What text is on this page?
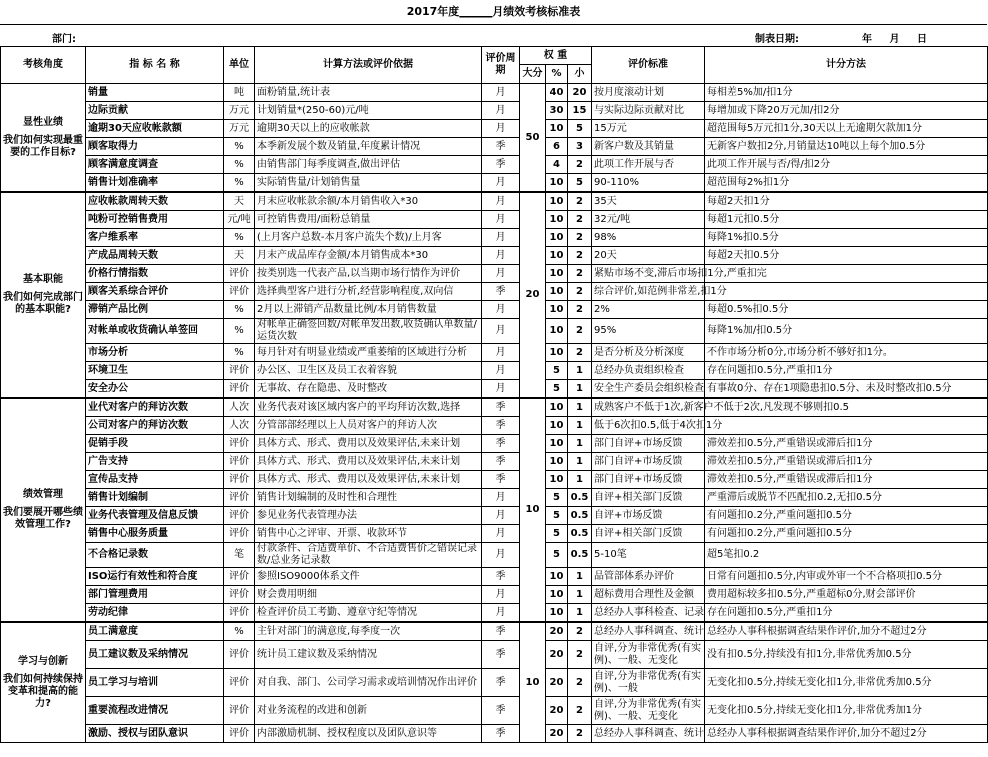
2017年度______月绩效考核标准表
部门:	制表日期:	年 月 日
考核角度	指 标 名 称	单位	计算方法或评价依据	评价周期	权 重			评价标准	计分方法
					大分	%	小		
显性业绩
我们如何实现最重要的工作目标?	销量	吨	面粉销量,统计表	月	50	40	20	按月度滚动计划	每相差5%加/扣1分
	边际贡献	万元	计划销量*(250-60)元/吨	月		30	15	与实际边际贡献对比	每增加或下降20万元加/扣2分
	逾期30天应收帐款额	万元	逾期30天以上的应收帐款	月		10	5	15万元	超范围每5万元扣1分,30天以上无逾期欠款加1分
	顾客取得力	%	本季新发展个数及销量,年度累计情况	季		6	3	新客户数及其销量	无新客户数扣2分,月销量达10吨以上每个加0.5分
	顾客满意度调查	%	由销售部门每季度调查,做出评估	季		4	2	此项工作开展与否	此项工作开展与否/得/扣2分
	销售计划准确率	%	实际销售量/计划销售量	月		10	5	90-110%	超范围每2%扣1分
基本职能
我们如何完成部门的基本职能?	应收帐款周转天数	天	月末应收帐款余额/本月销售收入*30	月	20	10	2	35天	每超2天扣1分
	吨粉可控销售费用	元/吨	可控销售费用/面粉总销量	月		10	2	32元/吨	每超1元扣0.5分
	客户维系率	%	(上月客户总数-本月客户流失个数)/上月客	月		10	2	98%	每降1%扣0.5分
	产成品周转天数	天	月末产成品库存金额/本月销售成本*30	月		10	2	20天	每超2天扣0.5分
	价格行情指数	评价	按类别选一代表产品,以当期市场行情作为评价	月		10	2	紧贴市场不变,滞后市场扣1分,严重扣完	
	顾客关系综合评价	评价	选择典型客户进行分析,经营影响程度,双向信	季		10	2	综合评价,如范例非常差,扣1分	
	滞销产品比例	%	2月以上滞销产品数量比例/本月销售数量	月		10	2	2%	每超0.5%扣0.5分
	对帐单或收货确认单签回	%	对帐单正确签回数/对帐单发出数,收货确认单数量/运货次数	月		10	2	95%	每降1%加/扣0.5分
	市场分析	%	每月针对有明显业绩或严重萎缩的区域进行分析	月		10	2	是否分析及分析深度	不作市场分析0分,市场分析不够好扣1分。
	环境卫生	评价	办公区、卫生区及员工衣着容貌	月		5	1	总经办负责组织检查	存在问题扣0.5分,严重扣1分
	安全办公	评价	无事故、存在隐患、及时整改	月		5	1	安全生产委员会组织检查	有事故0分、存在1项隐患扣0.5分、未及时整改扣0.5分
绩效管理
我们要展开哪些绩效管理工作?	业代对客户的拜访次数	人次	业务代表对该区域内客户的平均拜访次数,选择	季	10	10	1	成熟客户不低于1次,新客户不低于2次,凡发现不够则扣0.5	
	公司对客户的拜访次数	人次	分管部部经理以上人员对客户的拜访人次	季		10	1	低于6次扣0.5,低于4次扣1分	
	促销手段	评价	具体方式、形式、费用以及效果评估,未来计划	季		10	1	部门自评+市场反馈	滞效差扣0.5分,严重错误或滞后扣1分
	广告支持	评价	具体方式、形式、费用以及效果评估,未来计划	季		10	1	部门自评+市场反馈	滞效差扣0.5分,严重错误或滞后扣1分
	宣传品支持	评价	具体方式、形式、费用以及效果评估,未来计划	季		10	1	部门自评+市场反馈	滞效差扣0.5分,严重错误或滞后扣1分
	销售计划编制	评价	销售计划编制的及时性和合理性	月		5	0.5	自评+相关部门反馈	严重滞后或脱节不匹配扣0.2,无扣0.5分
	业务代表管理及信息反馈	评价	参见业务代表管理办法	月		5	0.5	自评+市场反馈	有问题扣0.2分,严重问题扣0.5分
	销售中心服务质量	评价	销售中心之评审、开票、收款环节	月		5	0.5	自评+相关部门反馈	有问题扣0.2分,严重问题扣0.5分
	不合格记录数	笔	付款条件、合适费单价、不合适费售价之错误记录数/总业务记录数	月		5	0.5	5-10笔	超5笔扣0.2
	ISO运行有效性和符合度	评价	参照ISO9000体系文件	季		10	1	品管部体系办评价	日常有问题扣0.5分,内审或外审一个不合格项扣0.5分
	部门管理费用	评价	财会费用明细	月		10	1	超标费用合理性及金额	费用超标较多扣0.5分,严重超标0分,财会部评价
	劳动纪律	评价	检查评价员工考勤、遵章守纪等情况	月		10	1	总经办人事科检查、记录	存在问题扣0.5分,严重扣1分
学习与创新
我们如何持续保持变革和提高的能力?	员工满意度	%	主针对部门的满意度,每季度一次	季	10	20	2	总经办人事科调查、统计	总经办人事科根据调查结果作评价,加分不超过2分
	员工建议数及采纳情况	评价	统计员工建议数及采纳情况	季		20	2	自评,分为非常优秀(有实例)、一般、无变化	没有扣0.5分,持续没有扣1分,非常优秀加0.5分
	员工学习与培训	评价	对自我、部门、公司学习需求或培训情况作出评价	季		20	2	自评,分为非常优秀(有实例)、一般	无变化扣0.5分,持续无变化扣1分,非常优秀加0.5分
	重要流程改进情况	评价	对业务流程的改进和创新	季		20	2	自评,分为非常优秀(有实例)、一般、无变化	无变化扣0.5分,持续无变化扣1分,非常优秀加1分
	激励、授权与团队意识	评价	内部激励机制、授权程度以及团队意识等	季		20	2	总经办人事科调查、统计	总经办人事科根据调查结果作评价,加分不超过2分
